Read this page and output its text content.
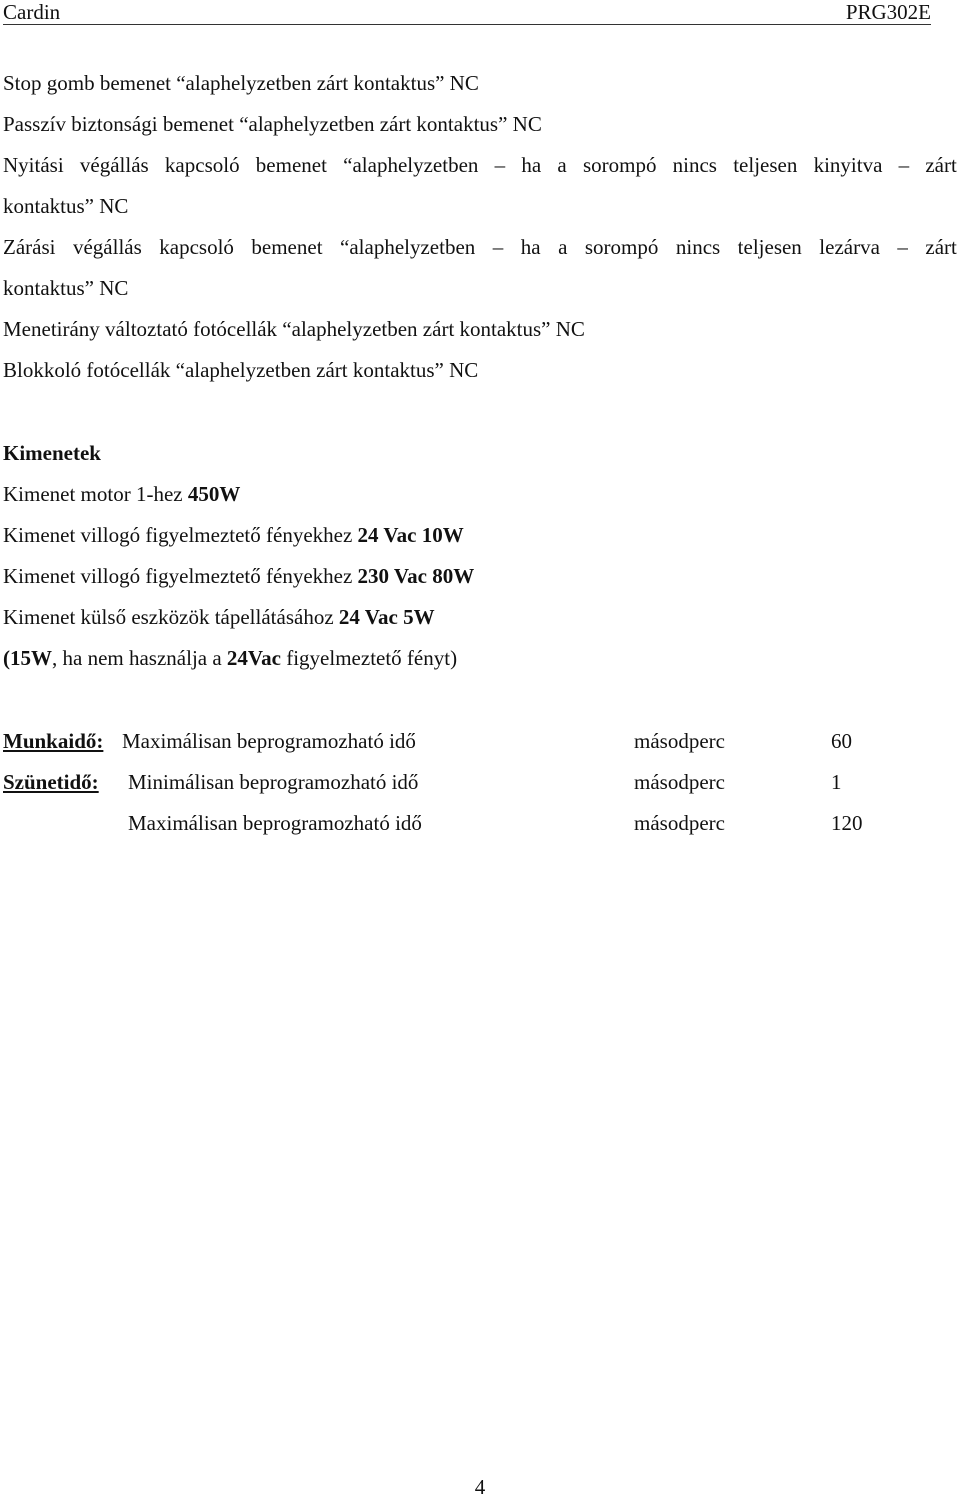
Cardin	PRG302E
Stop gomb bemenet “alaphelyzetben zárt kontaktus” NC
Passzív biztonsági bemenet “alaphelyzetben zárt kontaktus” NC
Nyitási végállás kapcsoló bemenet “alaphelyzetben – ha a sorompó nincs teljesen kinyitva – zárt
kontaktus” NC
Zárási végállás kapcsoló bemenet “alaphelyzetben – ha a sorompó nincs teljesen lezárva – zárt
kontaktus” NC
Menetirány változtató fotócellák “alaphelyzetben zárt kontaktus” NC
Blokkoló fotócellák “alaphelyzetben zárt kontaktus” NC
Kimenetek
Kimenet motor 1-hez 450W
Kimenet villogó figyelmeztető fényekhez 24 Vac 10W
Kimenet villogó figyelmeztető fényekhez 230 Vac 80W
Kimenet külső eszközök tápellátásához 24 Vac 5W
(15W, ha nem használja a 24Vac figyelmeztető fényt)
Munkaidő: Maximálisan beprogramozható idő	másodperc	60
Szünetidő: Minimálisan beprogramozható idő	másodperc	1
Maximálisan beprogramozható idő	másodperc	120
4
